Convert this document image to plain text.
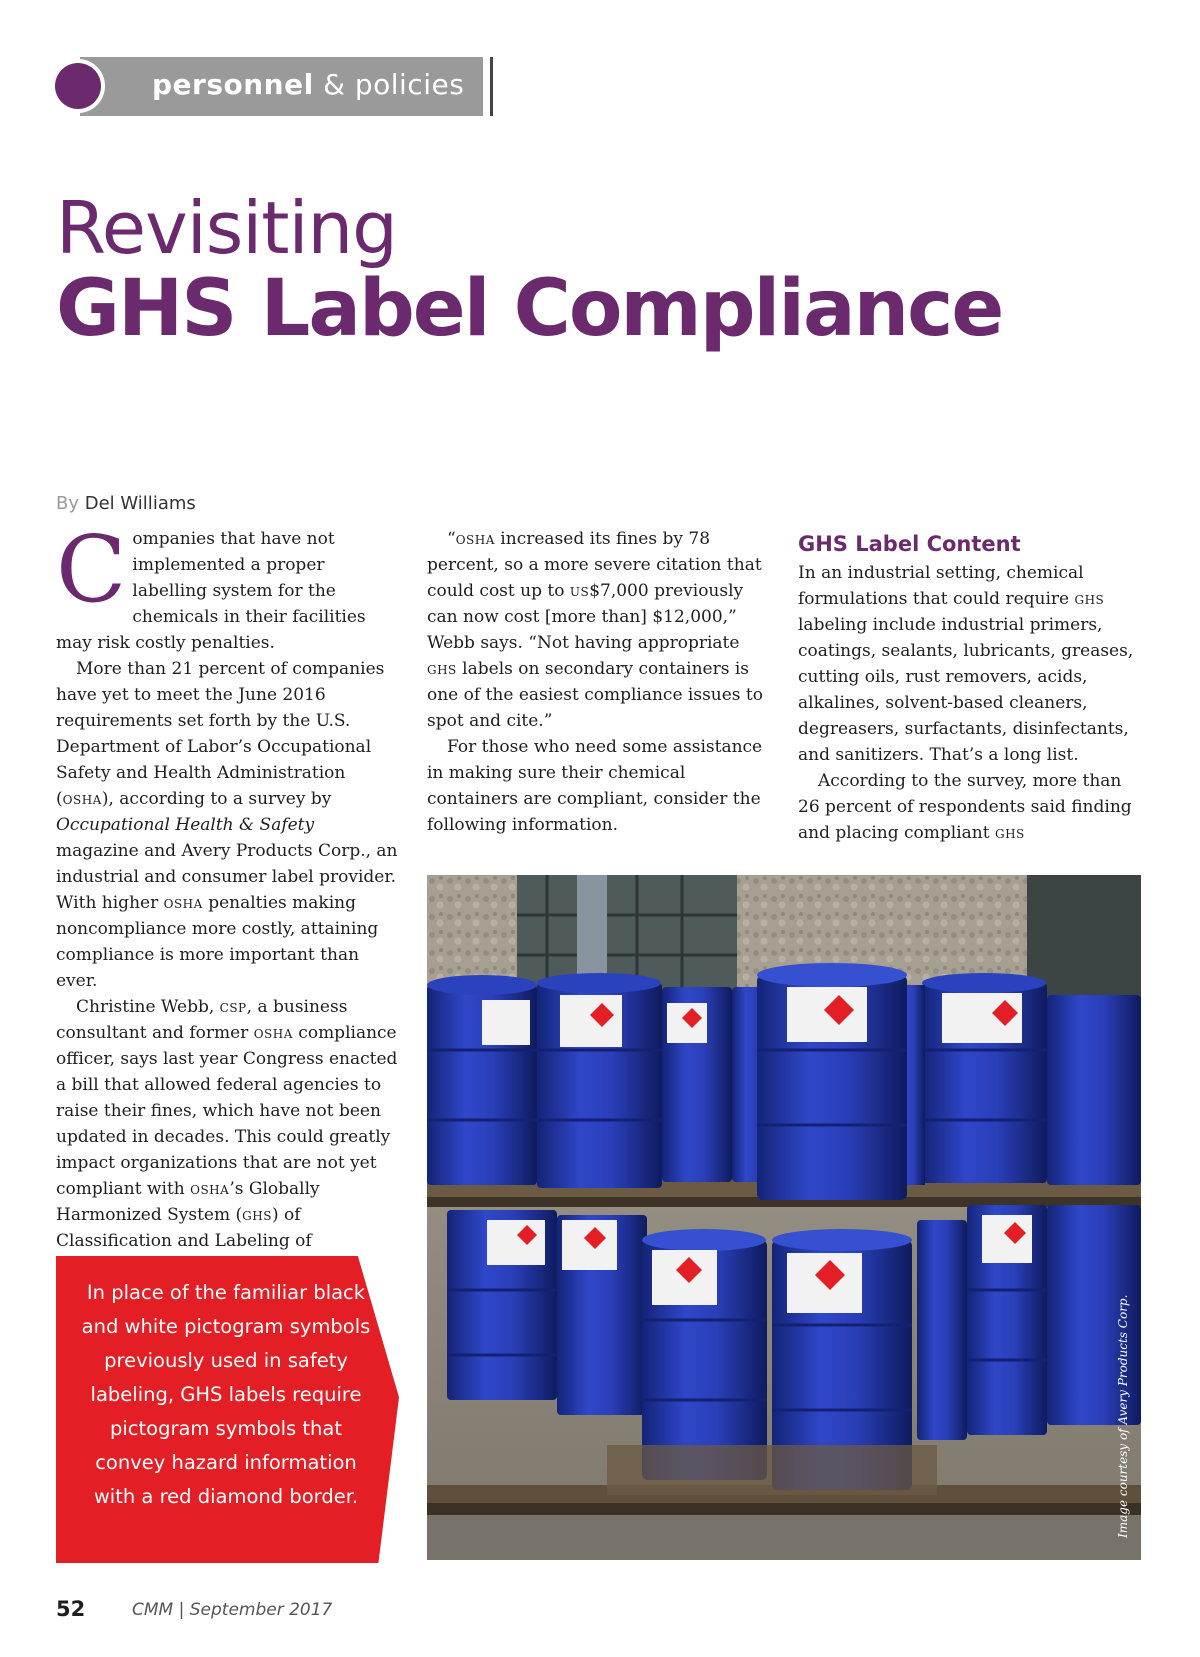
personnel & policies
Revisiting
GHS Label Compliance
By Del Williams

Companies that have not implemented a proper labelling system for the chemicals in their facilities may risk costly penalties.

More than 21 percent of companies have yet to meet the June 2016 requirements set forth by the U.S. Department of Labor’s Occupational Safety and Health Administration (osha), according to a survey by Occupational Health & Safety magazine and Avery Products Corp., an industrial and consumer label provider. With higher osha penalties making noncompliance more costly, attaining compliance is more important than ever.

Christine Webb, csp, a business consultant and former osha compliance officer, says last year Congress enacted a bill that allowed federal agencies to raise their fines, which have not been updated in decades. This could greatly impact organizations that are not yet compliant with osha’s Globally Harmonized System (ghs) of Classification and Labeling of

“osha increased its fines by 78 percent, so a more severe citation that could cost up to us$7,000 previously can now cost [more than] $12,000,” Webb says. “Not having appropriate ghs labels on secondary containers is one of the easiest compliance issues to spot and cite.”

For those who need some assistance in making sure their chemical containers are compliant, consider the following information.

GHS Label Content

In an industrial setting, chemical formulations that could require ghs labeling include industrial primers, coatings, sealants, lubricants, greases, cutting oils, rust removers, acids, alkalines, solvent-based cleaners, degreasers, surfactants, disinfectants, and sanitizers. That’s a long list.

According to the survey, more than 26 percent of respondents said finding and placing compliant ghs

In place of the familiar black and white pictogram symbols previously used in safety labeling, GHS labels require pictogram symbols that convey hazard information with a red diamond border.	Image courtesy of Avery Products Corp.
52	CMM | September 2017
